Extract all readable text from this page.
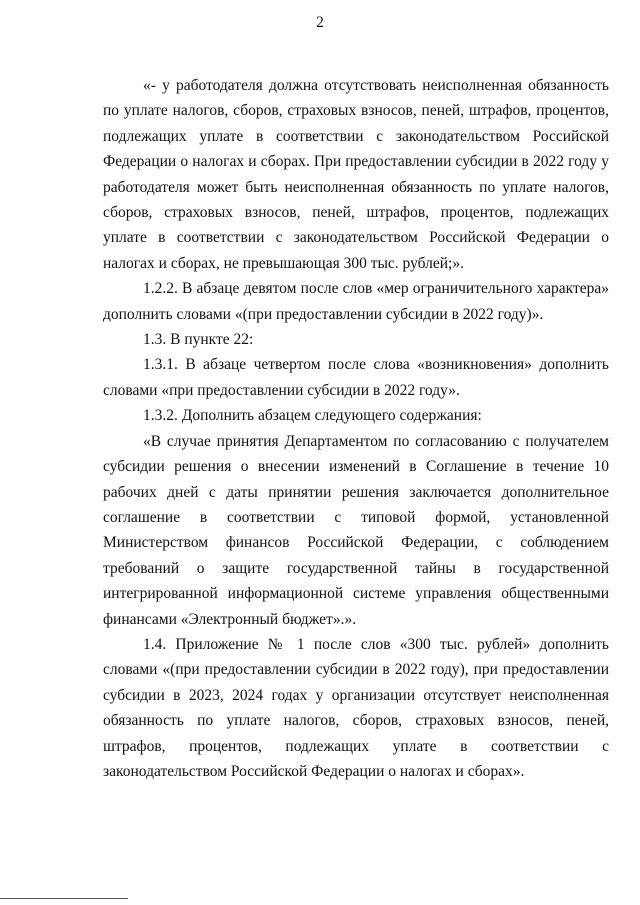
2

«- у работодателя должна отсутствовать неисполненная обязанность по уплате налогов, сборов, страховых взносов, пеней, штрафов, процентов, подлежащих уплате в соответствии с законодательством Российской Федерации о налогах и сборах. При предоставлении субсидии в 2022 году у работодателя может быть неисполненная обязанность по уплате налогов, сборов, страховых взносов, пеней, штрафов, процентов, подлежащих уплате в соответствии с законодательством Российской Федерации о налогах и сборах, не превышающая 300 тыс. рублей;».

1.2.2. В абзаце девятом после слов «мер ограничительного характера» дополнить словами «(при предоставлении субсидии в 2022 году)».

1.3. В пункте 22:

1.3.1. В абзаце четвертом после слова «возникновения» дополнить словами «при предоставлении субсидии в 2022 году».

1.3.2. Дополнить абзацем следующего содержания:

«В случае принятия Департаментом по согласованию с получателем субсидии решения о внесении изменений в Соглашение в течение 10 рабочих дней с даты принятии решения заключается дополнительное соглашение в соответствии с типовой формой, установленной Министерством финансов Российской Федерации, с соблюдением требований о защите государственной тайны в государственной интегрированной информационной системе управления общественными финансами «Электронный бюджет».».

1.4. Приложение № 1 после слов «300 тыс. рублей» дополнить словами «(при предоставлении субсидии в 2022 году), при предоставлении субсидии в 2023, 2024 годах у организации отсутствует неисполненная обязанность по уплате налогов, сборов, страховых взносов, пеней, штрафов, процентов, подлежащих уплате в соответствии с законодательством Российской Федерации о налогах и сборах».
